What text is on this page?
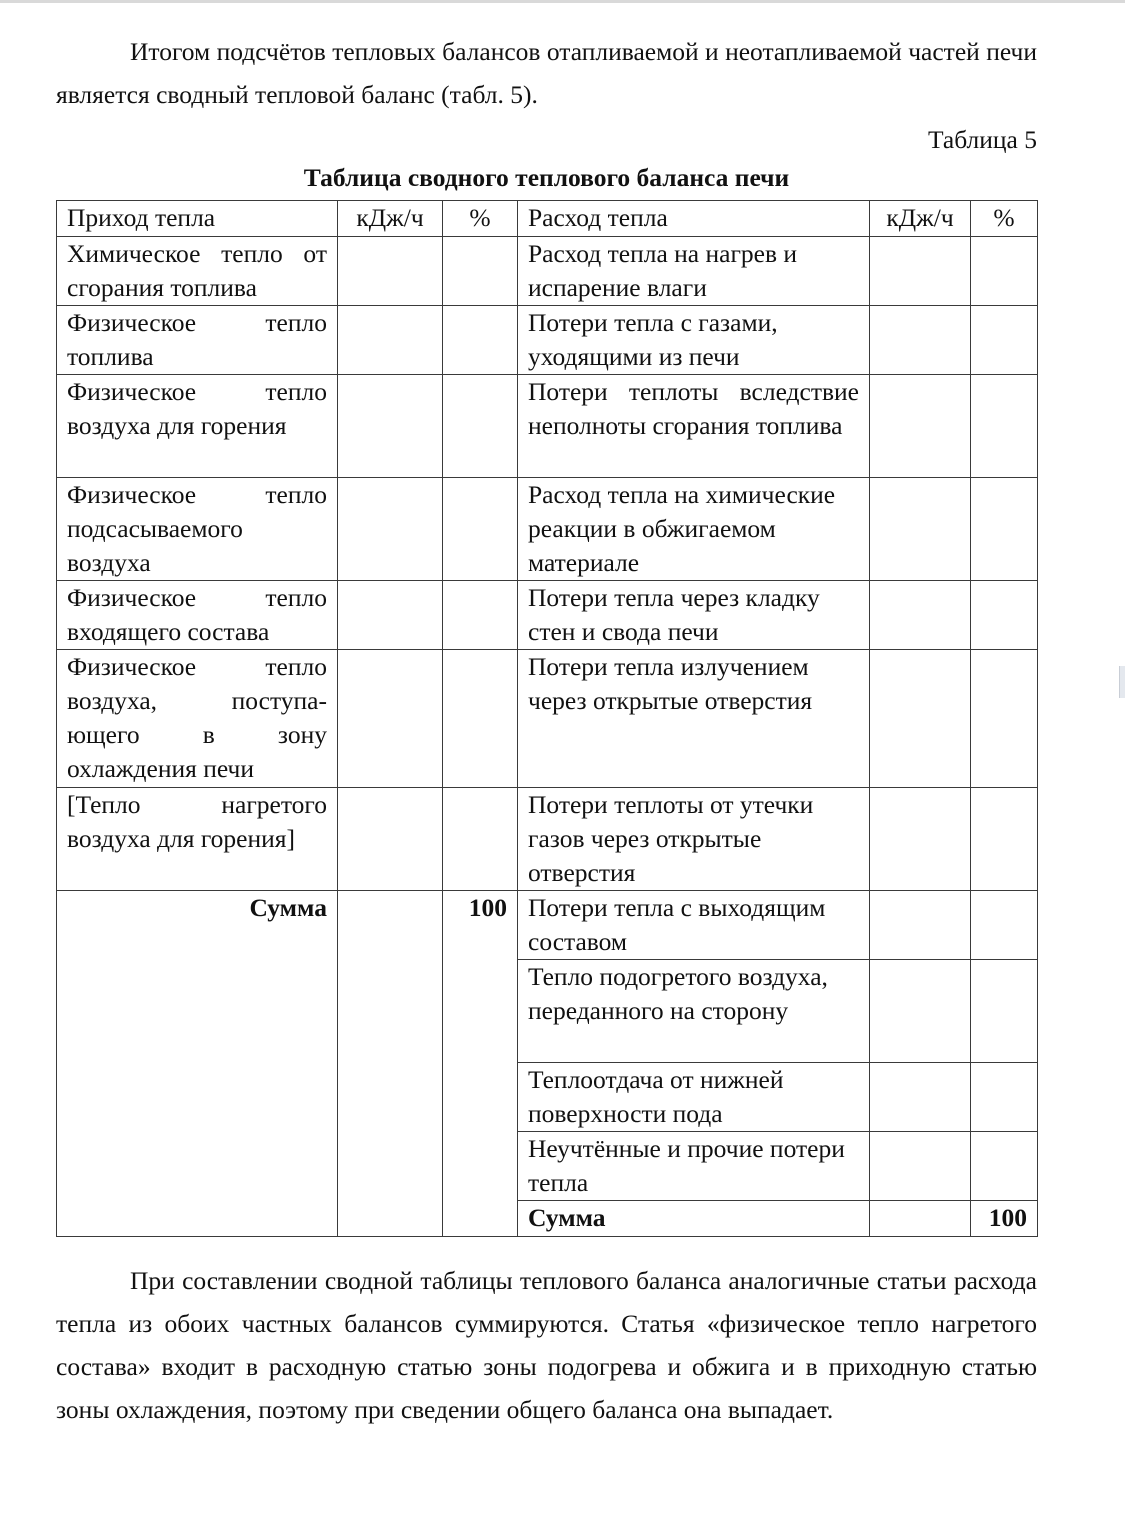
Итогом подсчётов тепловых балансов отапливаемой и неотапливаемой частей печи является сводный тепловой баланс (табл. 5).

Таблица 5
Таблица сводного теплового баланса печи
Приход тепла	кДж/ч	%	Расход тепла	кДж/ч	%
Химическое тепло от сгорания топлива			Расход тепла на нагрев и испарение влаги		
Физическое тепло топлива			Потери тепла с газами, уходящими из печи		
Физическое тепло воздуха для горения			Потери теплоты вследствие неполноты сгорания топлива		
Физическое тепло подсасываемого воздуха			Расход тепла на химические реакции в обжигаемом материале		
Физическое тепло входящего состава			Потери тепла через кладку стен и свода печи		
Физическое тепло воздуха, поступа-ющего в зону охлаждения печи			Потери тепла излучением через открытые отверстия		
[Тепло нагретого воздуха для горения]			Потери теплоты от утечки газов через открытые отверстия		
Сумма		100	Потери тепла с выходящим составом		
			Тепло подогретого воздуха, переданного на сторону		
			Теплоотдача от нижней поверхности пода		
			Неучтённые и прочие потери тепла		
			Сумма		100

При составлении сводной таблицы теплового баланса аналогичные статьи расхода тепла из обоих частных балансов суммируются. Статья «физическое тепло нагретого состава» входит в расходную статью зоны подогрева и обжига и в приходную статью зоны охлаждения, поэтому при сведении общего баланса она выпадает.
